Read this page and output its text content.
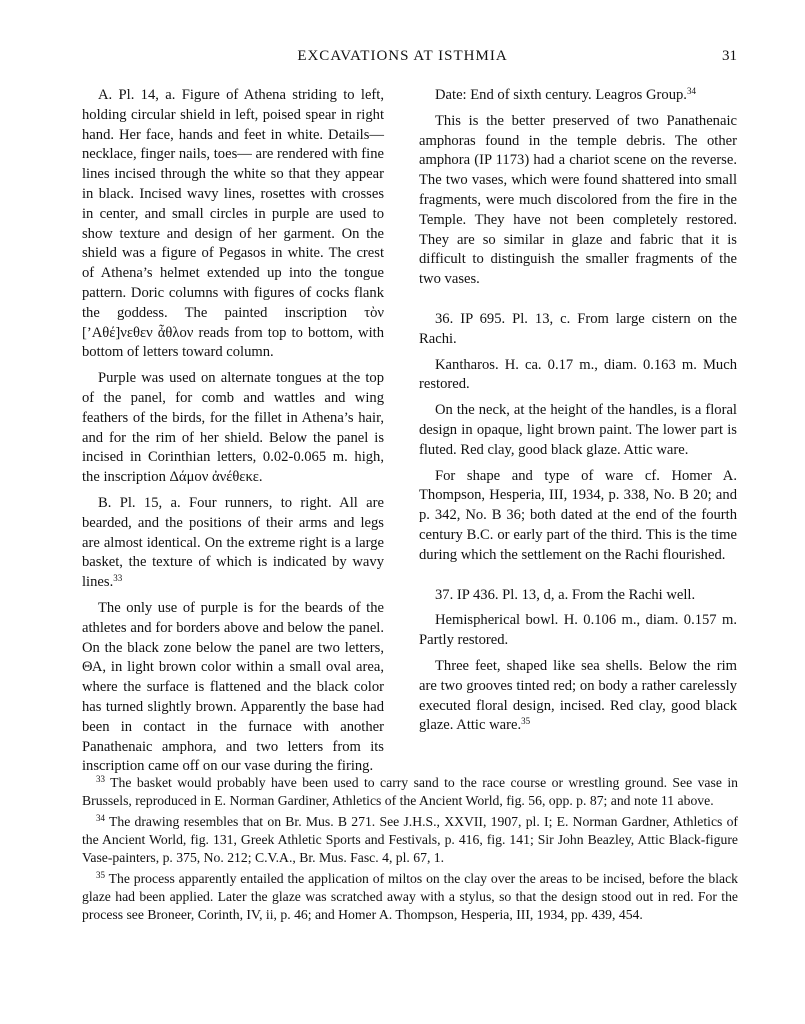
EXCAVATIONS AT ISTHMIA	31

A. Pl. 14, a. Figure of Athena striding to left, holding circular shield in left, poised spear in right hand. Her face, hands and feet in white. Details—necklace, finger nails, toes— are rendered with fine lines incised through the white so that they appear in black. Incised wavy lines, rosettes with crosses in center, and small circles in purple are used to show texture and design of her garment. On the shield was a figure of Pegasos in white. The crest of Athena’s helmet extended up into the tongue pattern. Doric columns with figures of cocks flank the goddess. The painted inscription τὸν [’Αθέ]νεθεν ἆθλον reads from top to bottom, with bottom of letters toward column.

Purple was used on alternate tongues at the top of the panel, for comb and wattles and wing feathers of the birds, for the fillet in Athena’s hair, and for the rim of her shield. Below the panel is incised in Corinthian letters, 0.02-0.065 m. high, the inscription Δάμον ἀνέθεκε.

B. Pl. 15, a. Four runners, to right. All are bearded, and the positions of their arms and legs are almost identical. On the extreme right is a large basket, the texture of which is indicated by wavy lines.$^{33}$

The only use of purple is for the beards of the athletes and for borders above and below the panel. On the black zone below the panel are two letters, ΘΑ, in light brown color within a small oval area, where the surface is flattened and the black color has turned slightly brown. Apparently the base had been in contact in the furnace with another Panathenaic amphora, and two letters from its inscription came off on our vase during the firing.

Date: End of sixth century. Leagros Group.$^{34}$

This is the better preserved of two Panathenaic amphoras found in the temple debris. The other amphora (IP 1173) had a chariot scene on the reverse. The two vases, which were found shattered into small fragments, were much discolored from the fire in the Temple. They have not been completely restored. They are so similar in glaze and fabric that it is difficult to distinguish the smaller fragments of the two vases.

36. IP 695. Pl. 13, c. From large cistern on the Rachi.

Kantharos. H. ca. 0.17 m., diam. 0.163 m. Much restored.

On the neck, at the height of the handles, is a floral design in opaque, light brown paint. The lower part is fluted. Red clay, good black glaze. Attic ware.

For shape and type of ware cf. Homer A. Thompson, Hesperia, III, 1934, p. 338, No. B 20; and p. 342, No. B 36; both dated at the end of the fourth century B.C. or early part of the third. This is the time during which the settlement on the Rachi flourished.

37. IP 436. Pl. 13, d, a. From the Rachi well.

Hemispherical bowl. H. 0.106 m., diam. 0.157 m. Partly restored.

Three feet, shaped like sea shells. Below the rim are two grooves tinted red; on body a rather carelessly executed floral design, incised. Red clay, good black glaze. Attic ware.$^{35}$

$^{33}$ The basket would probably have been used to carry sand to the race course or wrestling ground. See vase in Brussels, reproduced in E. Norman Gardiner, Athletics of the Ancient World, fig. 56, opp. p. 87; and note 11 above.

$^{34}$ The drawing resembles that on Br. Mus. B 271. See J.H.S., XXVII, 1907, pl. I; E. Norman Gardner, Athletics of the Ancient World, fig. 131, Greek Athletic Sports and Festivals, p. 416, fig. 141; Sir John Beazley, Attic Black-figure Vase-painters, p. 375, No. 212; C.V.A., Br. Mus. Fasc. 4, pl. 67, 1.

$^{35}$ The process apparently entailed the application of miltos on the clay over the areas to be incised, before the black glaze had been applied. Later the glaze was scratched away with a stylus, so that the design stood out in red. For the process see Broneer, Corinth, IV, ii, p. 46; and Homer A. Thompson, Hesperia, III, 1934, pp. 439, 454.
